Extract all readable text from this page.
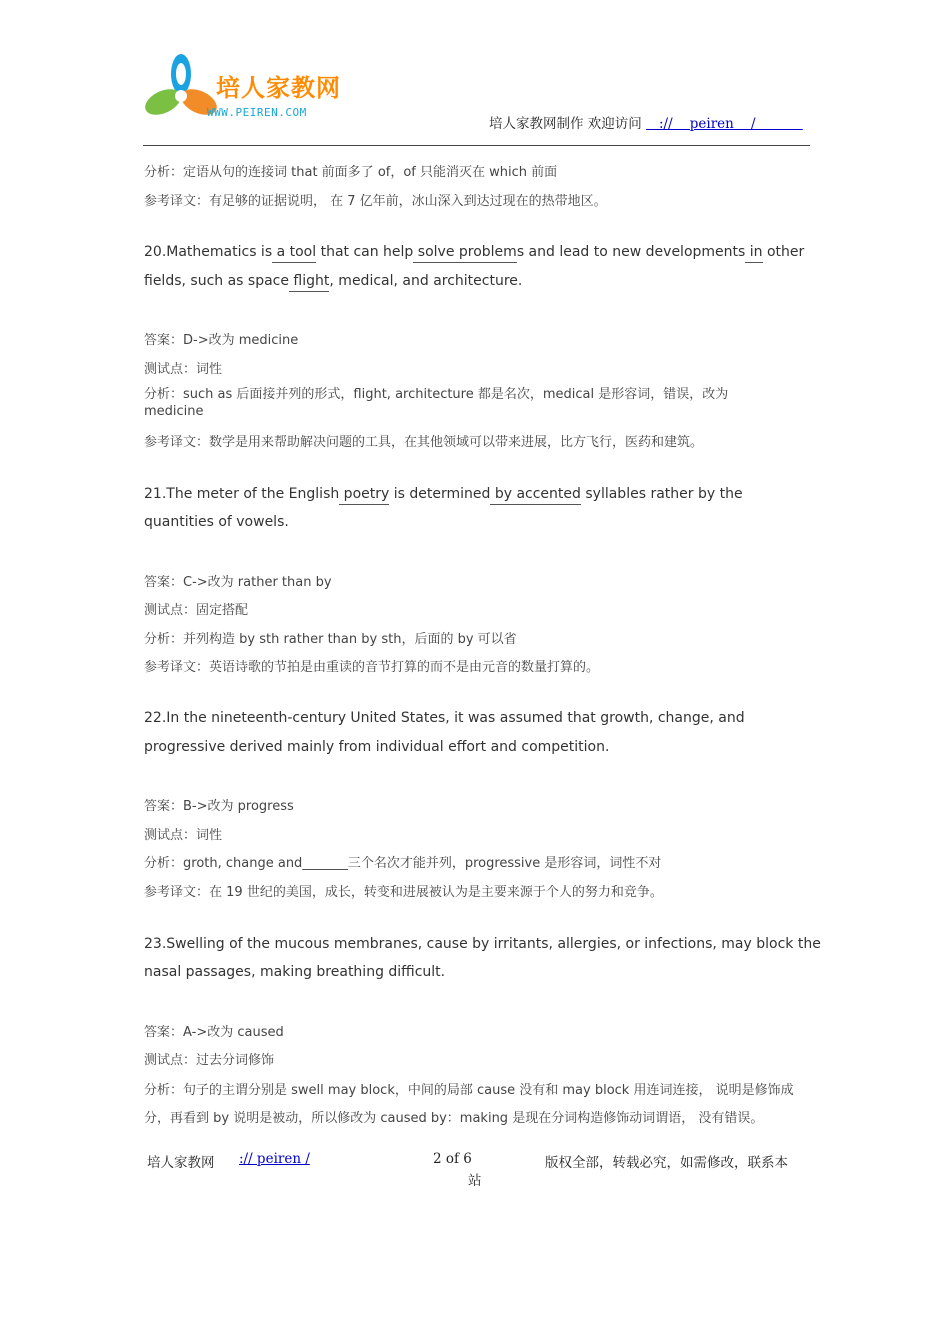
培人家教网
WWW.PEIREN.COM
培人家教网制作 欢迎访问    ://    peiren    /
分析：定语从句的连接词 that 前面多了 of，of 只能消灭在 which 前面
参考译文：有足够的证据说明， 在 7 亿年前，冰山深入到达过现在的热带地区。
20.Mathematics is a tool that can help solve problems and lead to new developments in other
fields, such as space flight, medical, and architecture.
答案：D->改为 medicine
测试点：词性
分析：such as 后面接并列的形式，flight, architecture 都是名次，medical 是形容词，错误，改为 medicine
参考译文：数学是用来帮助解决问题的工具，在其他领域可以带来进展，比方飞行，医药和建筑。
21.The meter of the English poetry is determined by accented syllables rather by the
quantities of vowels.
答案：C->改为 rather than by
测试点：固定搭配
分析：并列构造 by sth rather than by sth，后面的 by 可以省
参考译文：英语诗歌的节拍是由重读的音节打算的而不是由元音的数量打算的。
22.In the nineteenth-century United States, it was assumed that growth, change, and
progressive derived mainly from individual effort and competition.
答案：B->改为 progress
测试点：词性
分析：groth, change and_______三个名次才能并列，progressive 是形容词，词性不对
参考译文：在 19 世纪的美国，成长，转变和进展被认为是主要来源于个人的努力和竞争。
23.Swelling of the mucous membranes, cause by irritants, allergies, or infections, may block the
nasal passages, making breathing difficult.
答案：A->改为 caused
测试点：过去分词修饰
分析：句子的主谓分别是 swell may block，中间的局部 cause 没有和 may block 用连词连接， 说明是修饰成分，再看到 by 说明是被动，所以修改为 caused by：making 是现在分词构造修饰动词谓语， 没有错误。
培人家教网 :// peiren /	2 of 6
站
版权全部，转载必究，如需修改，联系本
